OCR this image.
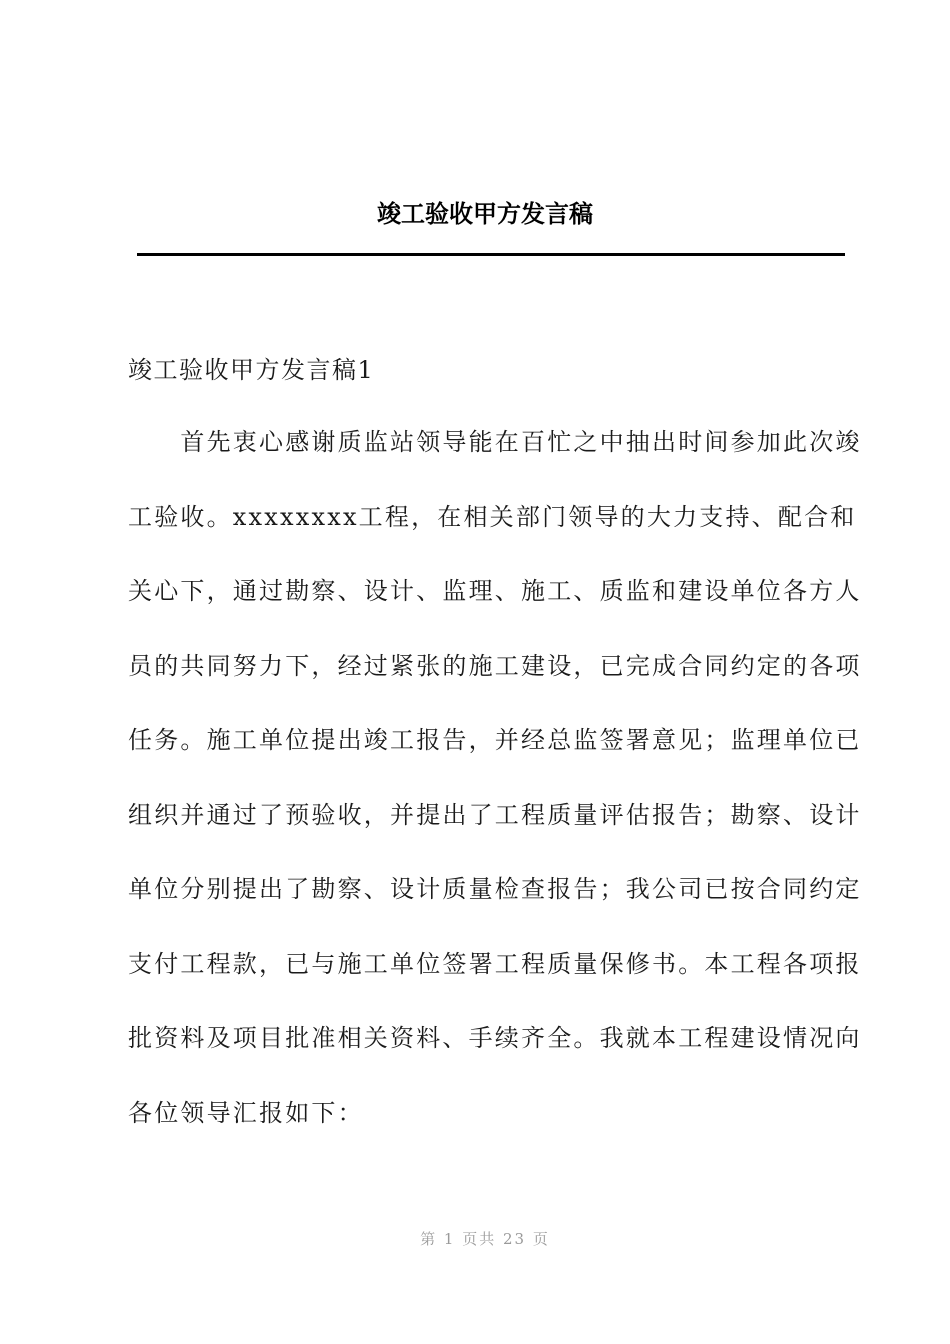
竣工验收甲方发言稿
竣工验收甲方发言稿1
　　首先衷心感谢质监站领导能在百忙之中抽出时间参加此次竣
工验收。xxxxxxxx工程，在相关部门领导的大力支持、配合和
关心下，通过勘察、设计、监理、施工、质监和建设单位各方人
员的共同努力下，经过紧张的施工建设，已完成合同约定的各项
任务。施工单位提出竣工报告，并经总监签署意见；监理单位已
组织并通过了预验收，并提出了工程质量评估报告；勘察、设计
单位分别提出了勘察、设计质量检查报告；我公司已按合同约定
支付工程款，已与施工单位签署工程质量保修书。本工程各项报
批资料及项目批准相关资料、手续齐全。我就本工程建设情况向
各位领导汇报如下：
第 1 页共 23 页
